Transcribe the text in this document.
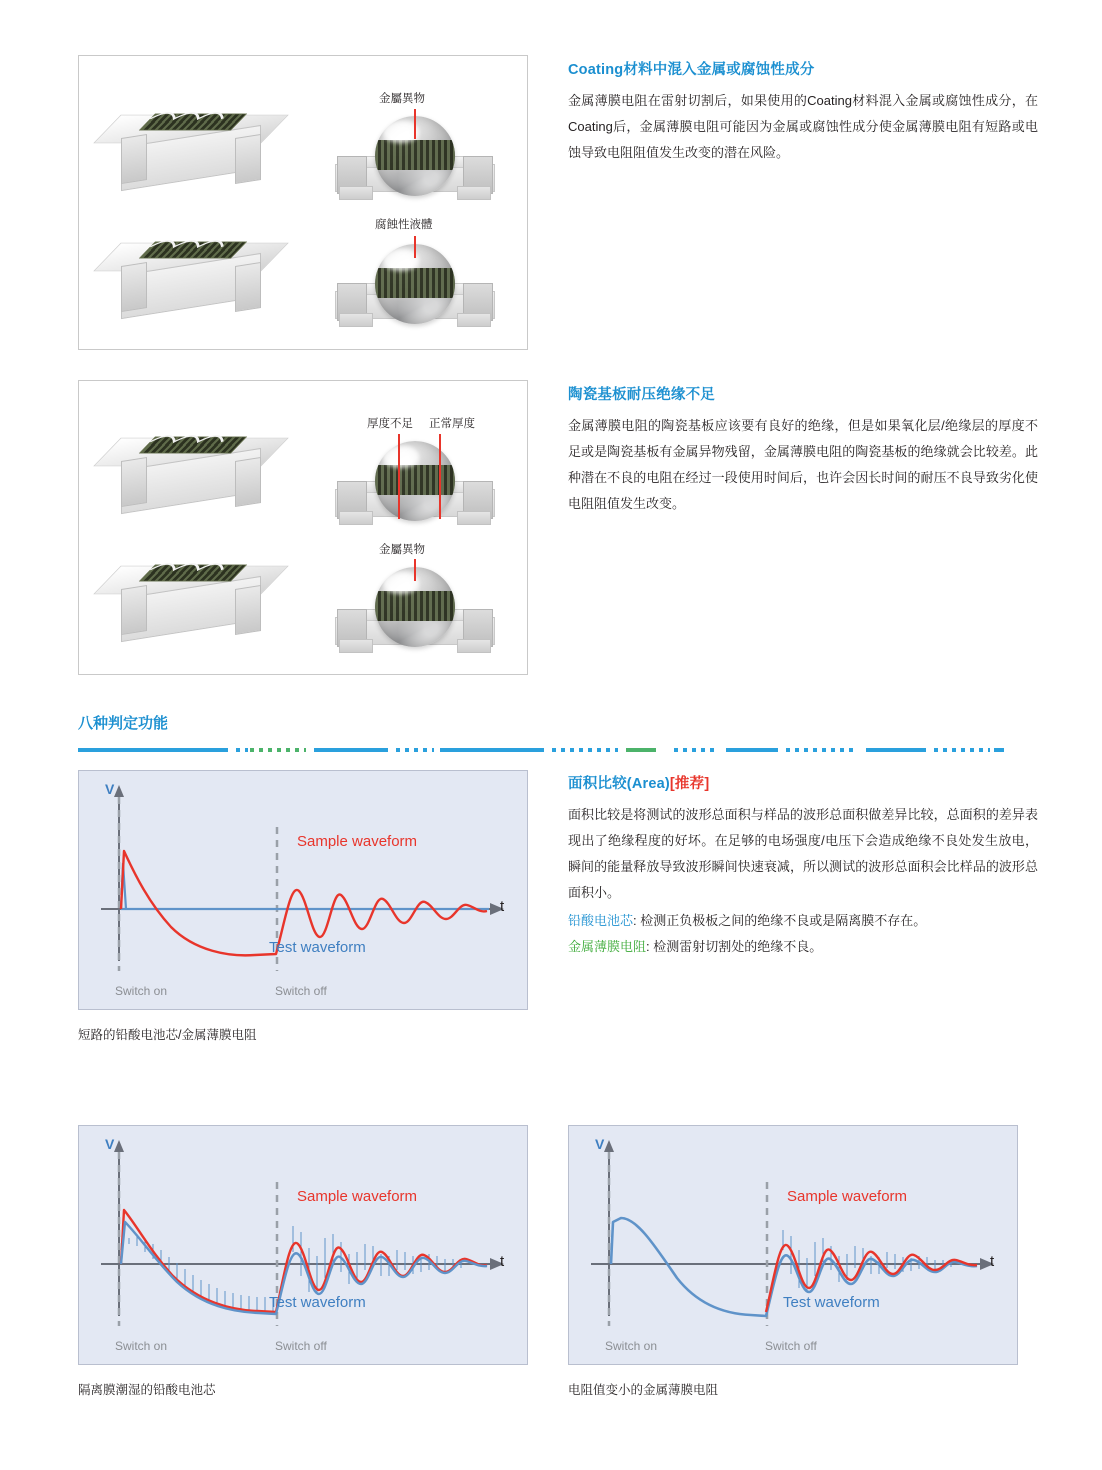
金屬異物
腐蝕性液體
Coating材料中混入金属或腐蚀性成分
金属薄膜电阻在雷射切割后，如果使用的Coating材料混入金属或腐蚀性成分，在Coating后，金属薄膜电阻可能因为金属或腐蚀性成分使金属薄膜电阻有短路或电蚀导致电阻阻值发生改变的潜在风险。
厚度不足 正常厚度
金屬異物
陶瓷基板耐压绝缘不足
金属薄膜电阻的陶瓷基板应该要有良好的绝缘，但是如果氧化层/绝缘层的厚度不足或是陶瓷基板有金属异物残留，金属薄膜电阻的陶瓷基板的绝缘就会比较差。此种潜在不良的电阻在经过一段使用时间后，也许会因长时间的耐压不良导致劣化使电阻阻值发生改变。
八种判定功能
V
t
Sample waveform
Test waveform
Switch on	Switch off
短路的铅酸电池芯/金属薄膜电阻
面积比较(Area)[推荐]
面积比较是将测试的波形总面积与样品的波形总面积做差异比较，总面积的差异表现出了绝缘程度的好坏。在足够的电场强度/电压下会造成绝缘不良处发生放电，瞬间的能量释放导致波形瞬间快速衰减，所以测试的波形总面积会比样品的波形总面积小。
铅酸电池芯: 检测正负极板之间的绝缘不良或是隔离膜不存在。
金属薄膜电阻: 检测雷射切割处的绝缘不良。
V
t
Sample waveform
Test waveform
Switch on	Switch off
隔离膜潮湿的铅酸电池芯
V
t
Sample waveform
Test waveform
Switch on	Switch off
电阻值变小的金属薄膜电阻
